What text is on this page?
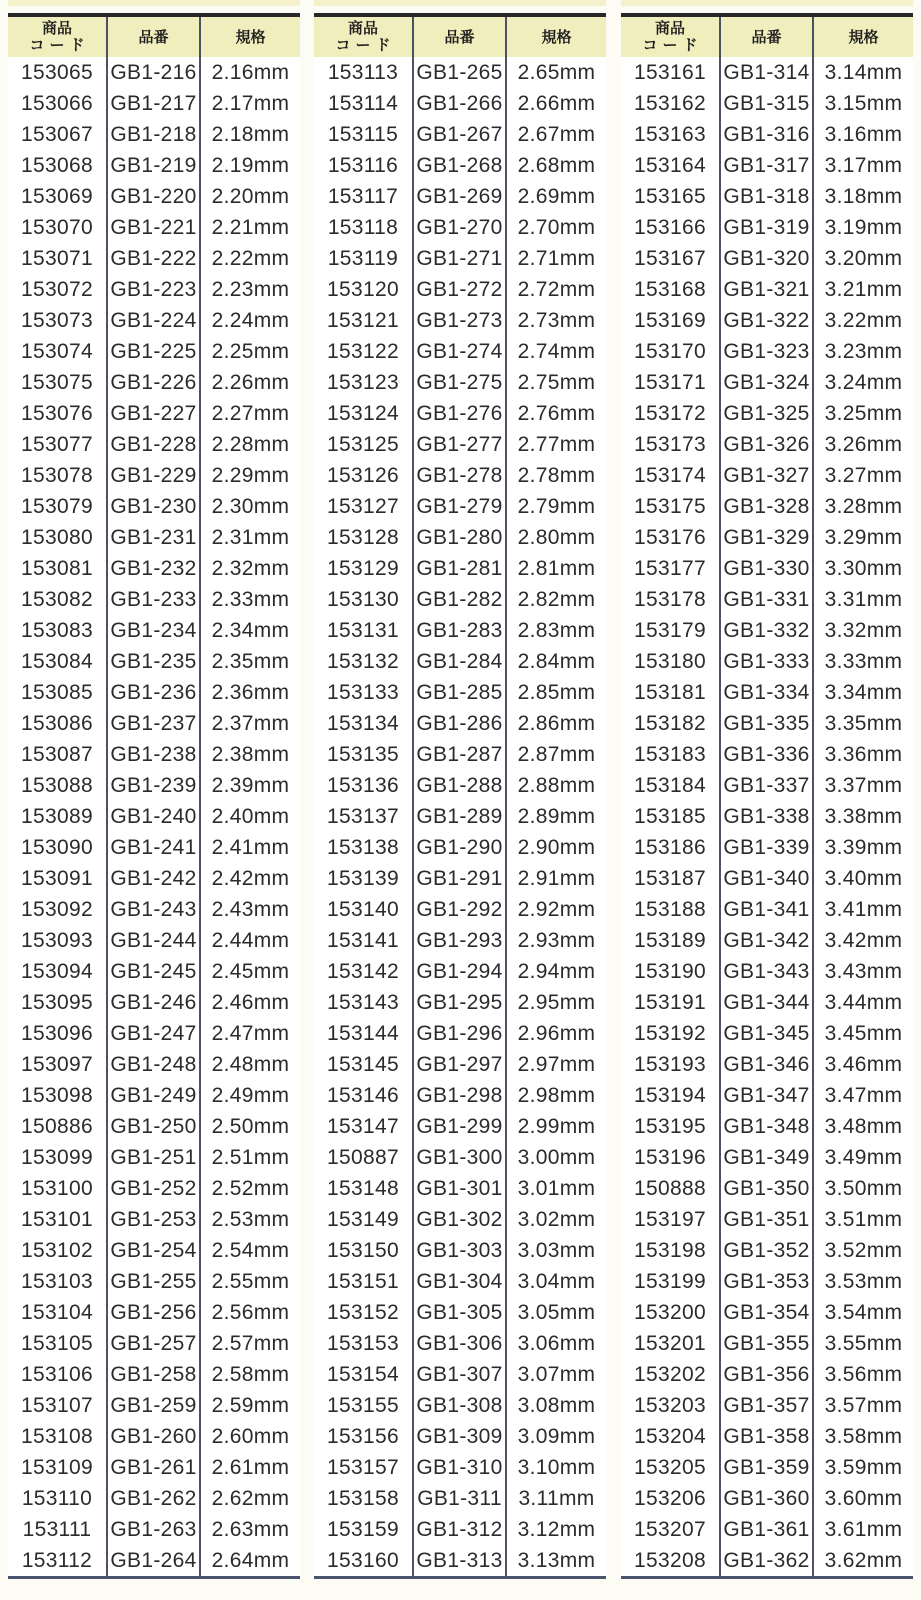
商品
コード	品番	規格
153065 GB1-216 2.16mm
153066 GB1-217 2.17mm
153067 GB1-218 2.18mm
153068 GB1-219 2.19mm
153069 GB1-220 2.20mm
153070 GB1-221 2.21mm
153071 GB1-222 2.22mm
153072 GB1-223 2.23mm
153073 GB1-224 2.24mm
153074 GB1-225 2.25mm
153075 GB1-226 2.26mm
153076 GB1-227 2.27mm
153077 GB1-228 2.28mm
153078 GB1-229 2.29mm
153079 GB1-230 2.30mm
153080 GB1-231 2.31mm
153081 GB1-232 2.32mm
153082 GB1-233 2.33mm
153083 GB1-234 2.34mm
153084 GB1-235 2.35mm
153085 GB1-236 2.36mm
153086 GB1-237 2.37mm
153087 GB1-238 2.38mm
153088 GB1-239 2.39mm
153089 GB1-240 2.40mm
153090 GB1-241 2.41mm
153091 GB1-242 2.42mm
153092 GB1-243 2.43mm
153093 GB1-244 2.44mm
153094 GB1-245 2.45mm
153095 GB1-246 2.46mm
153096 GB1-247 2.47mm
153097 GB1-248 2.48mm
153098 GB1-249 2.49mm
150886 GB1-250 2.50mm
153099 GB1-251 2.51mm
153100 GB1-252 2.52mm
153101 GB1-253 2.53mm
153102 GB1-254 2.54mm
153103 GB1-255 2.55mm
153104 GB1-256 2.56mm
153105 GB1-257 2.57mm
153106 GB1-258 2.58mm
153107 GB1-259 2.59mm
153108 GB1-260 2.60mm
153109 GB1-261 2.61mm
153110 GB1-262 2.62mm
153111 GB1-263 2.63mm
153112 GB1-264 2.64mm
商品
コード	品番	規格
153113 GB1-265 2.65mm
153114 GB1-266 2.66mm
153115 GB1-267 2.67mm
153116 GB1-268 2.68mm
153117 GB1-269 2.69mm
153118 GB1-270 2.70mm
153119 GB1-271 2.71mm
153120 GB1-272 2.72mm
153121 GB1-273 2.73mm
153122 GB1-274 2.74mm
153123 GB1-275 2.75mm
153124 GB1-276 2.76mm
153125 GB1-277 2.77mm
153126 GB1-278 2.78mm
153127 GB1-279 2.79mm
153128 GB1-280 2.80mm
153129 GB1-281 2.81mm
153130 GB1-282 2.82mm
153131 GB1-283 2.83mm
153132 GB1-284 2.84mm
153133 GB1-285 2.85mm
153134 GB1-286 2.86mm
153135 GB1-287 2.87mm
153136 GB1-288 2.88mm
153137 GB1-289 2.89mm
153138 GB1-290 2.90mm
153139 GB1-291 2.91mm
153140 GB1-292 2.92mm
153141 GB1-293 2.93mm
153142 GB1-294 2.94mm
153143 GB1-295 2.95mm
153144 GB1-296 2.96mm
153145 GB1-297 2.97mm
153146 GB1-298 2.98mm
153147 GB1-299 2.99mm
150887 GB1-300 3.00mm
153148 GB1-301 3.01mm
153149 GB1-302 3.02mm
153150 GB1-303 3.03mm
153151 GB1-304 3.04mm
153152 GB1-305 3.05mm
153153 GB1-306 3.06mm
153154 GB1-307 3.07mm
153155 GB1-308 3.08mm
153156 GB1-309 3.09mm
153157 GB1-310 3.10mm
153158 GB1-311 3.11mm
153159 GB1-312 3.12mm
153160 GB1-313 3.13mm
商品
コード	品番	規格
153161 GB1-314 3.14mm
153162 GB1-315 3.15mm
153163 GB1-316 3.16mm
153164 GB1-317 3.17mm
153165 GB1-318 3.18mm
153166 GB1-319 3.19mm
153167 GB1-320 3.20mm
153168 GB1-321 3.21mm
153169 GB1-322 3.22mm
153170 GB1-323 3.23mm
153171 GB1-324 3.24mm
153172 GB1-325 3.25mm
153173 GB1-326 3.26mm
153174 GB1-327 3.27mm
153175 GB1-328 3.28mm
153176 GB1-329 3.29mm
153177 GB1-330 3.30mm
153178 GB1-331 3.31mm
153179 GB1-332 3.32mm
153180 GB1-333 3.33mm
153181 GB1-334 3.34mm
153182 GB1-335 3.35mm
153183 GB1-336 3.36mm
153184 GB1-337 3.37mm
153185 GB1-338 3.38mm
153186 GB1-339 3.39mm
153187 GB1-340 3.40mm
153188 GB1-341 3.41mm
153189 GB1-342 3.42mm
153190 GB1-343 3.43mm
153191 GB1-344 3.44mm
153192 GB1-345 3.45mm
153193 GB1-346 3.46mm
153194 GB1-347 3.47mm
153195 GB1-348 3.48mm
153196 GB1-349 3.49mm
150888 GB1-350 3.50mm
153197 GB1-351 3.51mm
153198 GB1-352 3.52mm
153199 GB1-353 3.53mm
153200 GB1-354 3.54mm
153201 GB1-355 3.55mm
153202 GB1-356 3.56mm
153203 GB1-357 3.57mm
153204 GB1-358 3.58mm
153205 GB1-359 3.59mm
153206 GB1-360 3.60mm
153207 GB1-361 3.61mm
153208 GB1-362 3.62mm
